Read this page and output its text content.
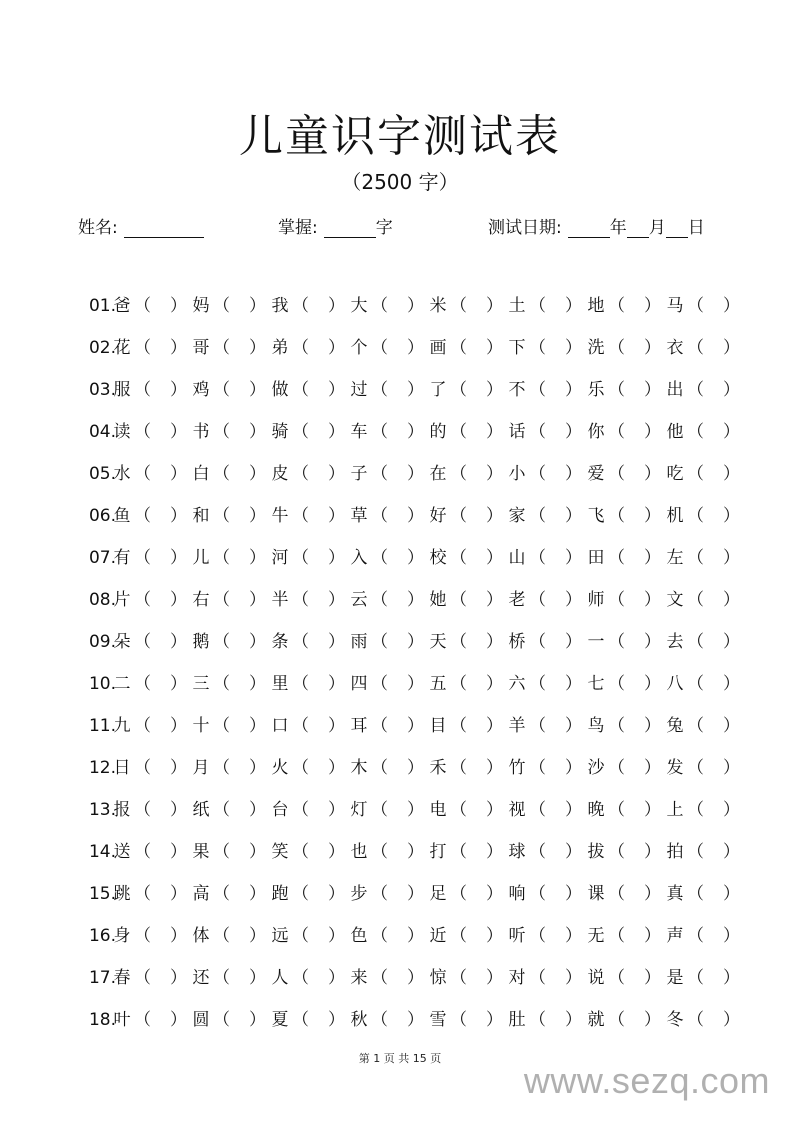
儿童识字测试表
（2500 字）
姓名:	掌握:	字	测试日期:	年 月 日
01.
爸 （ ） 妈 （ ） 我 （ ） 大 （ ） 米 （ ） 土 （ ） 地 （ ） 马 （ ）
02.
花 （ ） 哥 （ ） 弟 （ ） 个 （ ） 画 （ ） 下 （ ） 洗 （ ） 衣 （ ）
03.
服 （ ） 鸡 （ ） 做 （ ） 过 （ ） 了 （ ） 不 （ ） 乐 （ ） 出 （ ）
04.
读 （ ） 书 （ ） 骑 （ ） 车 （ ） 的 （ ） 话 （ ） 你 （ ） 他 （ ）
05.
水 （ ） 白 （ ） 皮 （ ） 子 （ ） 在 （ ） 小 （ ） 爱 （ ） 吃 （ ）
06.
鱼 （ ） 和 （ ） 牛 （ ） 草 （ ） 好 （ ） 家 （ ） 飞 （ ） 机 （ ）
07.
有 （ ） 儿 （ ） 河 （ ） 入 （ ） 校 （ ） 山 （ ） 田 （ ） 左 （ ）
08.
片 （ ） 右 （ ） 半 （ ） 云 （ ） 她 （ ） 老 （ ） 师 （ ） 文 （ ）
09.
朵 （ ） 鹅 （ ） 条 （ ） 雨 （ ） 天 （ ） 桥 （ ） 一 （ ） 去 （ ）
10.
二 （ ） 三 （ ） 里 （ ） 四 （ ） 五 （ ） 六 （ ） 七 （ ） 八 （ ）
11.
九 （ ） 十 （ ） 口 （ ） 耳 （ ） 目 （ ） 羊 （ ） 鸟 （ ） 兔 （ ）
12.
日 （ ） 月 （ ） 火 （ ） 木 （ ） 禾 （ ） 竹 （ ） 沙 （ ） 发 （ ）
13.
报 （ ） 纸 （ ） 台 （ ） 灯 （ ） 电 （ ） 视 （ ） 晚 （ ） 上 （ ）
14.
送 （ ） 果 （ ） 笑 （ ） 也 （ ） 打 （ ） 球 （ ） 拔 （ ） 拍 （ ）
15.
跳 （ ） 高 （ ） 跑 （ ） 步 （ ） 足 （ ） 响 （ ） 课 （ ） 真 （ ）
16.
身 （ ） 体 （ ） 远 （ ） 色 （ ） 近 （ ） 听 （ ） 无 （ ） 声 （ ）
17.
春 （ ） 还 （ ） 人 （ ） 来 （ ） 惊 （ ） 对 （ ） 说 （ ） 是 （ ）
18.
叶 （ ） 圆 （ ） 夏 （ ） 秋 （ ） 雪 （ ） 肚 （ ） 就 （ ） 冬 （ ）
第 1 页 共 15 页
www.sezq.com
